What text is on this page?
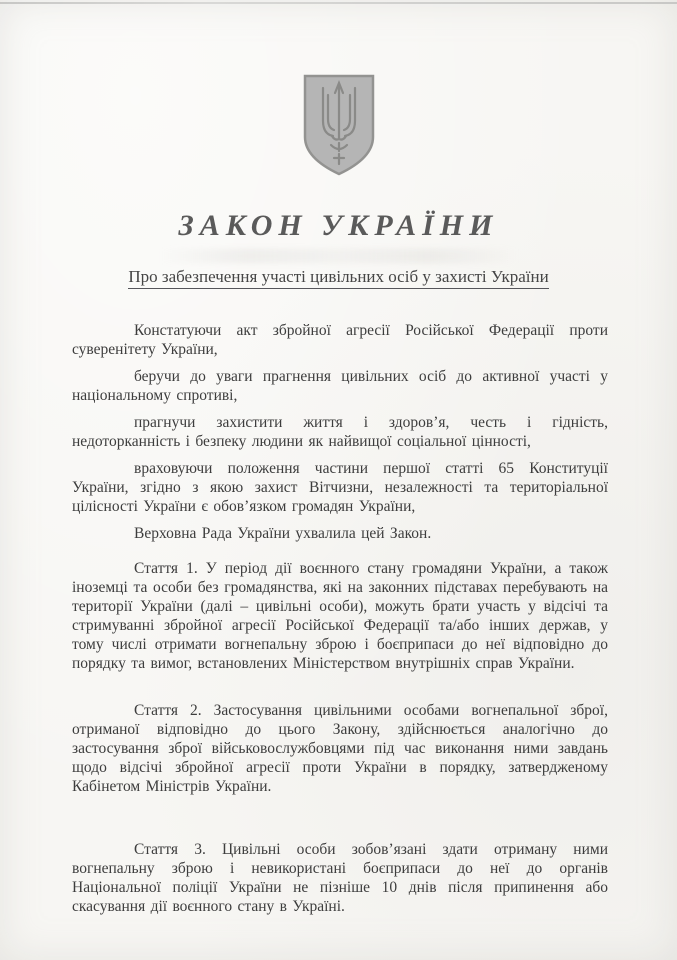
ЗАКОН УКРАЇНИ
Про забезпечення участі цивільних осіб у захисті України

Констатуючи акт збройної агресії Російської Федерації проти суверенітету України,

беручи до уваги прагнення цивільних осіб до активної участі у національному спротиві,

прагнучи захистити життя і здоров’я, честь і гідність, недоторканність і безпеку людини як найвищої соціальної цінності,

враховуючи положення частини першої статті 65 Конституції України, згідно з якою захист Вітчизни, незалежності та територіальної цілісності України є обов’язком громадян України,

Верховна Рада України ухвалила цей Закон.

Стаття 1. У період дії воєнного стану громадяни України, а також іноземці та особи без громадянства, які на законних підставах перебувають на території України (далі – цивільні особи), можуть брати участь у відсічі та стримуванні збройної агресії Російської Федерації та/або інших держав, у тому числі отримати вогнепальну зброю і боєприпаси до неї відповідно до порядку та вимог, встановлених Міністерством внутрішніх справ України.

Стаття 2. Застосування цивільними особами вогнепальної зброї, отриманої відповідно до цього Закону, здійснюється аналогічно до застосування зброї військовослужбовцями під час виконання ними завдань щодо відсічі збройної агресії проти України в порядку, затвердженому Кабінетом Міністрів України.

Стаття 3. Цивільні особи зобов’язані здати отриману ними вогнепальну зброю і невикористані боєприпаси до неї до органів Національної поліції України не пізніше 10 днів після припинення або скасування дії воєнного стану в Україні.
